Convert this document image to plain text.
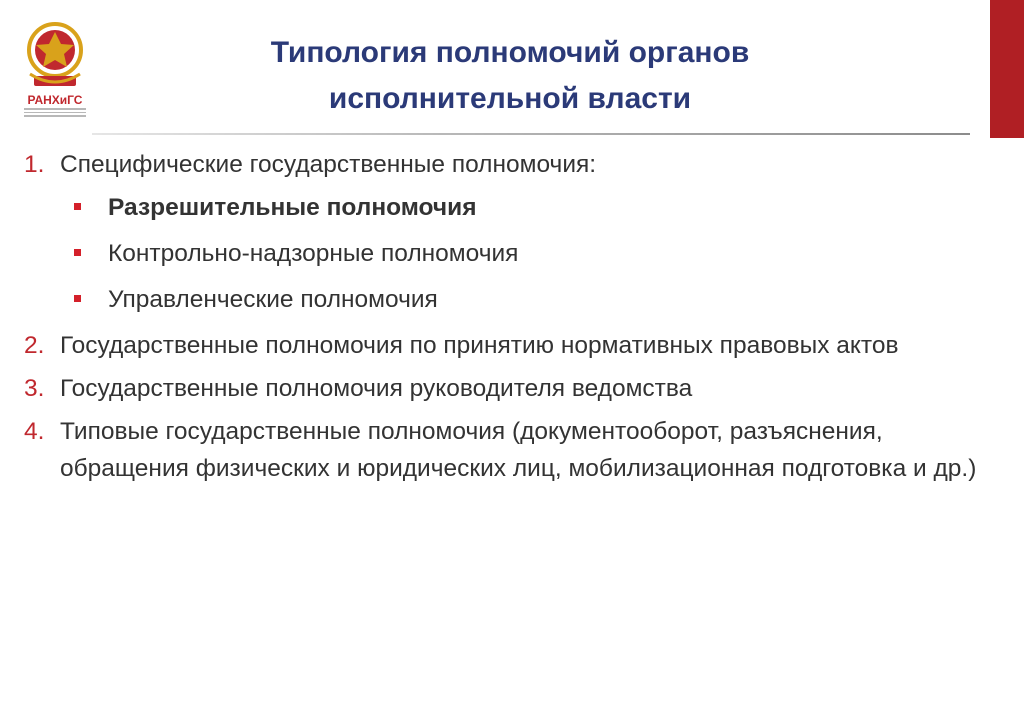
РАНХиГС
Типология полномочий органов
исполнительной власти
1. Специфические государственные полномочия:
Разрешительные полномочия
Контрольно-надзорные полномочия
Управленческие полномочия
2. Государственные полномочия по принятию нормативных правовых актов
3. Государственные полномочия руководителя ведомства
4. Типовые государственные полномочия (документооборот, разъяснения, обращения физических и юридических лиц, мобилизационная подготовка и др.)
